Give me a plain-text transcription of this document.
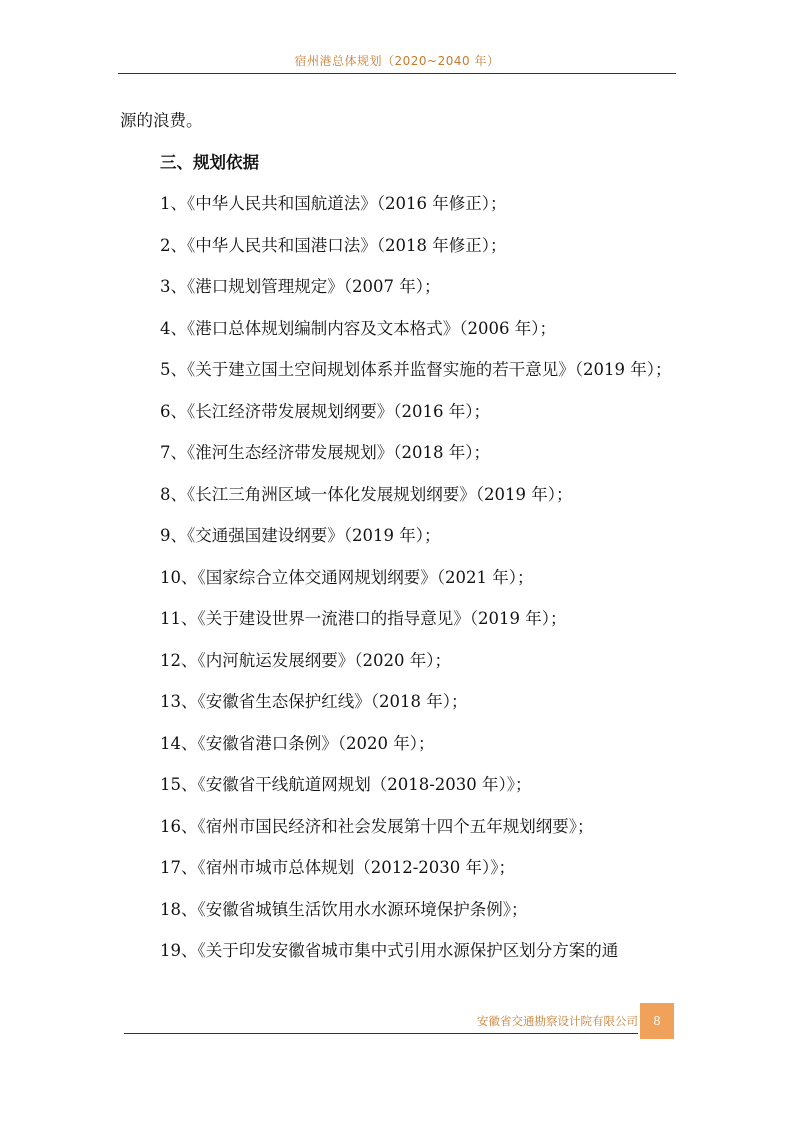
宿州港总体规划（2020~2040 年）

源的浪费。

三、规划依据

1、《中华人民共和国航道法》（2016 年修正）；

2、《中华人民共和国港口法》（2018 年修正）；

3、《港口规划管理规定》（2007 年）；

4、《港口总体规划编制内容及文本格式》（2006 年）；

5、《关于建立国土空间规划体系并监督实施的若干意见》（2019 年）；

6、《长江经济带发展规划纲要》（2016 年）；

7、《淮河生态经济带发展规划》（2018 年）；

8、《长江三角洲区域一体化发展规划纲要》（2019 年）；

9、《交通强国建设纲要》（2019 年）；

10、《国家综合立体交通网规划纲要》（2021 年）；

11、《关于建设世界一流港口的指导意见》（2019 年）；

12、《内河航运发展纲要》（2020 年）；

13、《安徽省生态保护红线》（2018 年）；

14、《安徽省港口条例》（2020 年）；

15、《安徽省干线航道网规划（2018-2030 年）》；

16、《宿州市国民经济和社会发展第十四个五年规划纲要》；

17、《宿州市城市总体规划（2012-2030 年）》；

18、《安徽省城镇生活饮用水水源环境保护条例》；

19、《关于印发安徽省城市集中式引用水源保护区划分方案的通

安徽省交通勘察设计院有限公司	8
